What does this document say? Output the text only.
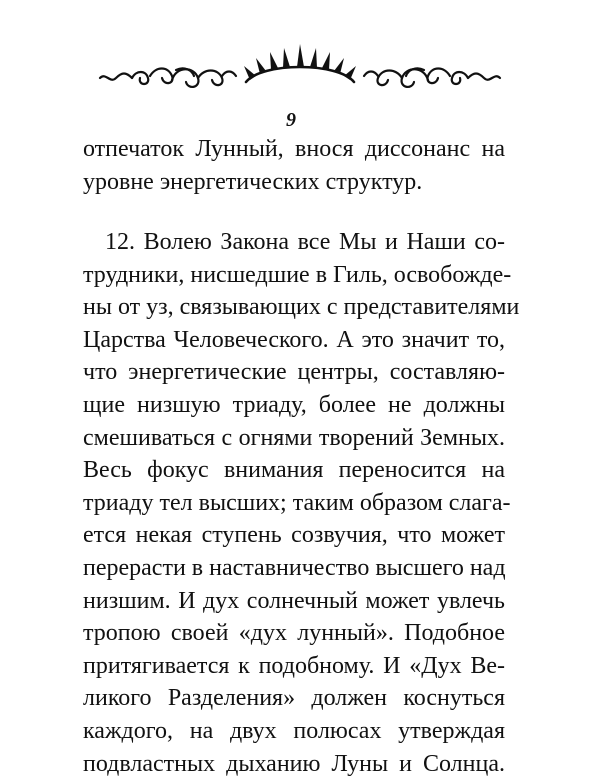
9
отпечаток Лунный, внося диссонанс на
уровне энергетических структур.
12. Волею Закона все Мы и Наши со-
трудники, нисшедшие в Гиль, освобожде-
ны от уз, связывающих с представителями
Царства Человеческого. А это значит то,
что энергетические центры, составляю-
щие низшую триаду, более не должны
смешиваться с огнями творений Земных.
Весь фокус внимания переносится на
триаду тел высших; таким образом слага-
ется некая ступень созвучия, что может
перерасти в наставничество высшего над
низшим. И дух солнечный может увлечь
тропою своей «дух лунный». Подобное
притягивается к подобному. И «Дух Ве-
ликого Разделения» должен коснуться
каждого, на двух полюсах утверждая
подвластных дыханию Луны и Солнца.
